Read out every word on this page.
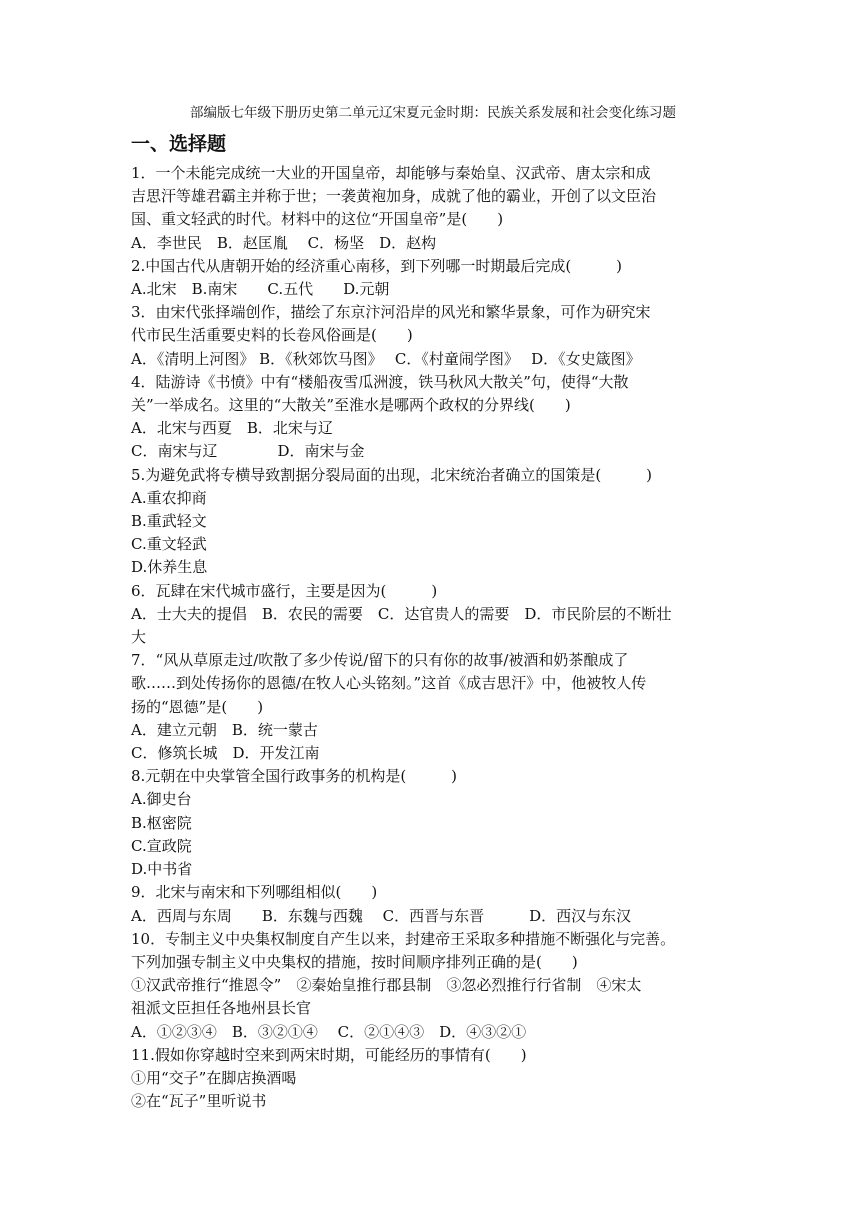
部编版七年级下册历史第二单元辽宋夏元金时期：民族关系发展和社会变化练习题
一、选择题
1．一个未能完成统一大业的开国皇帝，却能够与秦始皇、汉武帝、唐太宗和成
吉思汗等雄君霸主并称于世；一袭黄袍加身，成就了他的霸业，开创了以文臣治
国、重文轻武的时代。材料中的这位“开国皇帝”是(　　)
A．李世民　B．赵匡胤　 C．杨坚　D．赵构
2.中国古代从唐朝开始的经济重心南移，到下列哪一时期最后完成(　　　)
A.北宋　B.南宋　　C.五代　　D.元朝
3．由宋代张择端创作，描绘了东京汴河沿岸的风光和繁华景象，可作为研究宋
代市民生活重要史料的长卷风俗画是(　　)
A．《清明上河图》 B．《秋郊饮马图》　 C．《村童闹学图》　 D．《女史箴图》
4．陆游诗《书愤》中有“楼船夜雪瓜洲渡，铁马秋风大散关”句，使得“大散
关”一举成名。这里的“大散关”至淮水是哪两个政权的分界线(　　)
A．北宋与西夏　B．北宋与辽
C．南宋与辽　　　　D．南宋与金
5.为避免武将专横导致割据分裂局面的出现，北宋统治者确立的国策是(　　　)
A.重农抑商
B.重武轻文
C.重文轻武
D.休养生息
6．瓦肆在宋代城市盛行，主要是因为(　　　)
A．士大夫的提倡　B．农民的需要　C．达官贵人的需要　D．市民阶层的不断壮
大
7．“风从草原走过/吹散了多少传说/留下的只有你的故事/被酒和奶茶酿成了
歌……到处传扬你的恩德/在牧人心头铭刻。”这首《成吉思汗》中，他被牧人传
扬的“恩德”是(　　)
A．建立元朝　B．统一蒙古
C．修筑长城　D．开发江南
8.元朝在中央掌管全国行政事务的机构是(　　　)
A.御史台
B.枢密院
C.宣政院
D.中书省
9．北宋与南宋和下列哪组相似(　　)
A．西周与东周　　B．东魏与西魏　 C．西晋与东晋　　　D．西汉与东汉
10．专制主义中央集权制度自产生以来，封建帝王采取多种措施不断强化与完善。
下列加强专制主义中央集权的措施，按时间顺序排列正确的是(　　)
①汉武帝推行“推恩令”　②秦始皇推行郡县制　③忽必烈推行行省制　④宋太
祖派文臣担任各地州县长官
A．①②③④　B．③②①④　 C．②①④③　D．④③②①
11.假如你穿越时空来到两宋时期，可能经历的事情有(　　)
①用“交子”在脚店换酒喝
②在“瓦子”里听说书
